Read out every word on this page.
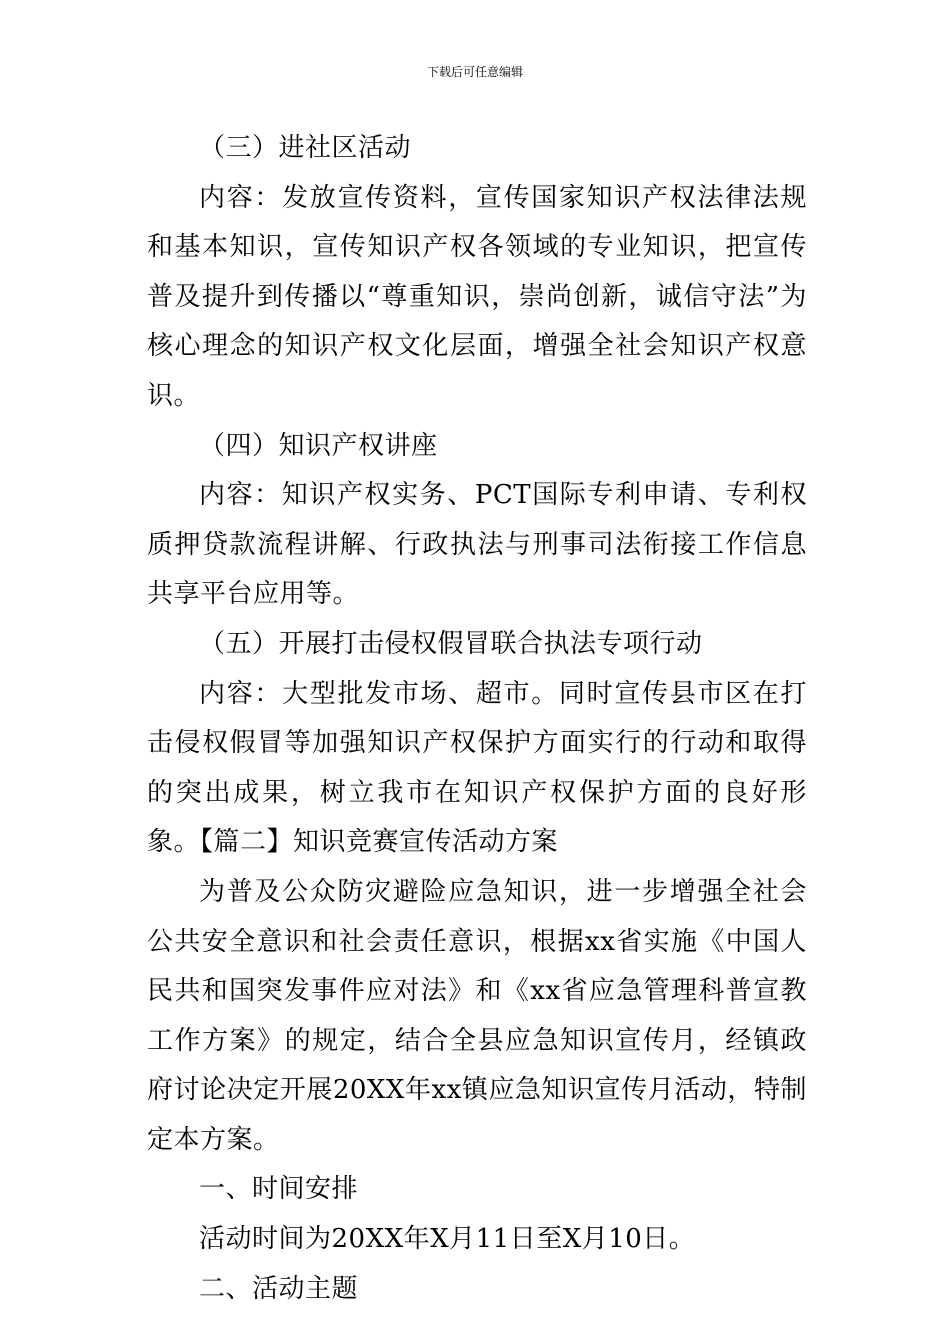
下载后可任意编辑

（三）进社区活动

内容：发放宣传资料，宣传国家知识产权法律法规和基本知识，宣传知识产权各领域的专业知识，把宣传普及提升到传播以“尊重知识，崇尚创新，诚信守法”为核心理念的知识产权文化层面，增强全社会知识产权意识。

（四）知识产权讲座

内容：知识产权实务、PCT国际专利申请、专利权质押贷款流程讲解、行政执法与刑事司法衔接工作信息共享平台应用等。

（五）开展打击侵权假冒联合执法专项行动

内容：大型批发市场、超市。同时宣传县市区在打击侵权假冒等加强知识产权保护方面实行的行动和取得的突出成果，树立我市在知识产权保护方面的良好形象。【篇二】知识竞赛宣传活动方案

为普及公众防灾避险应急知识，进一步增强全社会公共安全意识和社会责任意识，根据xx省实施《中国人民共和国突发事件应对法》和《xx省应急管理科普宣教工作方案》的规定，结合全县应急知识宣传月，经镇政府讨论决定开展20XX年xx镇应急知识宣传月活动，特制定本方案。

一、时间安排

活动时间为20XX年X月11日至X月10日。

二、活动主题
